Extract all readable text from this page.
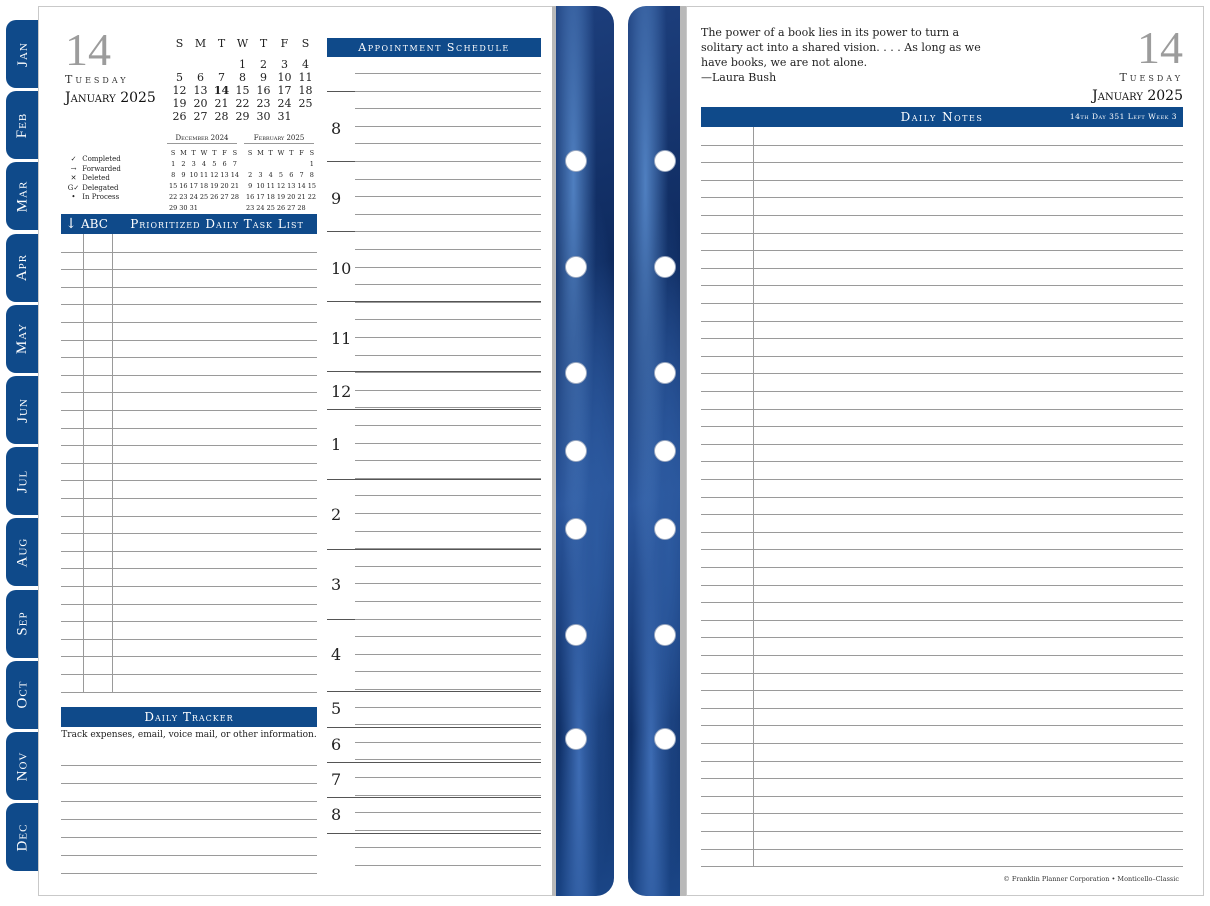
Jan
Feb
Mar
Apr
May
Jun
Jul
Aug
Sep
Oct
Nov
Dec
14
Tuesday
January 2025
S	M	T	W	T	F	S

			1	2	3	4
5	6	7	8	9	10	11
12	13	14	15	16	17	18
19	20	21	22	23	24	25
26	27	28	29	30	31	
December 2024
S	M	T	W	T	F	S
1	2	3	4	5	6	7
8	9	10	11	12	13	14
15	16	17	18	19	20	21
22	23	24	25	26	27	28
29	30	31				
February 2025
S	M	T	W	T	F	S
						1
2	3	4	5	6	7	8
9	10	11	12	13	14	15
16	17	18	19	20	21	22
23	24	25	26	27	28	
✓ Completed
→ Forwarded
✕ Deleted
G✓ Delegated
• In Process
↓ ABC	Prioritized Daily Task List
Daily Tracker
Track expenses, email, voice mail, or other information.
Appointment Schedule
8
9
10
11
12
1
2
3
4
5
6
7
8
The power of a book lies in its power to turn a solitary act into a shared vision. . . . As long as we have books, we are not alone.
—Laura Bush
14
Tuesday
January 2025
Daily Notes	14th Day 351 Left Week 3
© Franklin Planner Corporation • Monticello–Classic
